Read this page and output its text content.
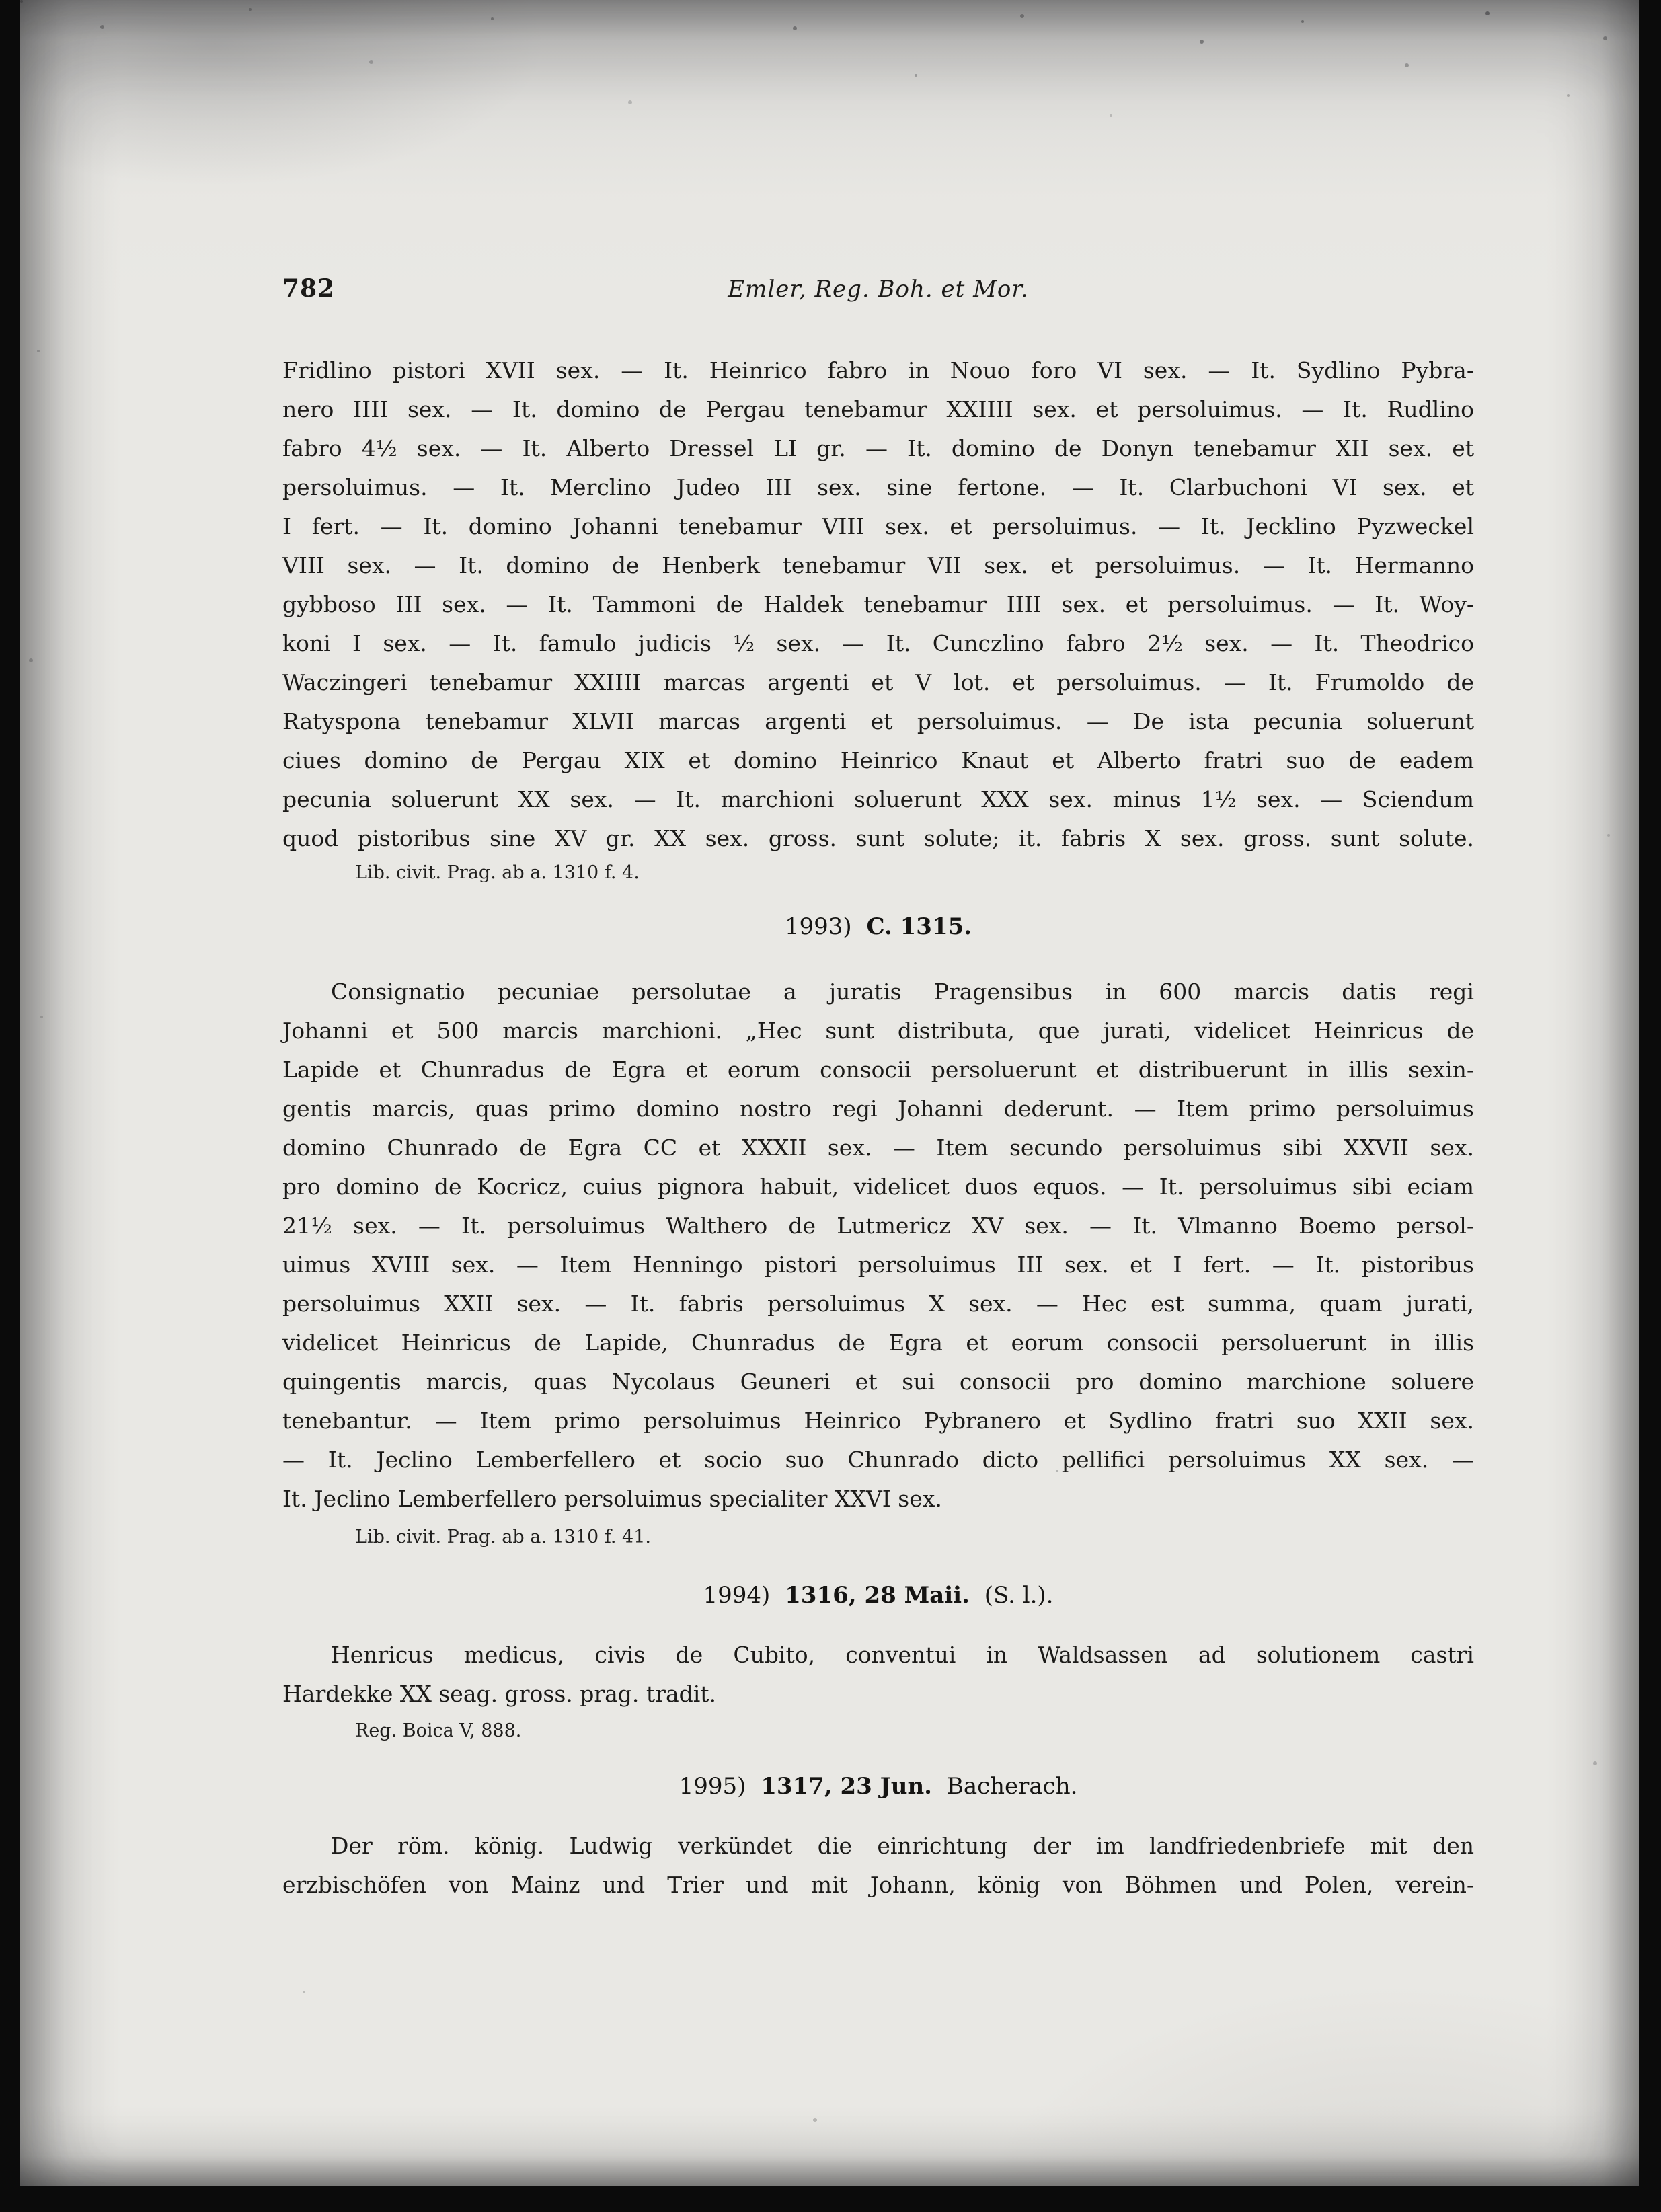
782	Emler, Reg. Boh. et Mor.
Fridlino pistori XVII sex. — It. Heinrico fabro in Nouo foro VI sex. — It. Sydlino Pybra-
nero IIII sex. — It. domino de Pergau tenebamur XXIIII sex. et persoluimus. — It. Rudlino
fabro 4½ sex. — It. Alberto Dressel LI gr. — It. domino de Donyn tenebamur XII sex. et
persoluimus. — It. Merclino Judeo III sex. sine fertone. — It. Clarbuchoni VI sex. et
I fert. — It. domino Johanni tenebamur VIII sex. et persoluimus. — It. Jecklino Pyzweckel
VIII sex. — It. domino de Henberk tenebamur VII sex. et persoluimus. — It. Hermanno
gybboso III sex. — It. Tammoni de Haldek tenebamur IIII sex. et persoluimus. — It. Woy-
koni I sex. — It. famulo judicis ½ sex. — It. Cunczlino fabro 2½ sex. — It. Theodrico
Waczingeri tenebamur XXIIII marcas argenti et V lot. et persoluimus. — It. Frumoldo de
Ratyspona tenebamur XLVII marcas argenti et persoluimus. — De ista pecunia soluerunt
ciues domino de Pergau XIX et domino Heinrico Knaut et Alberto fratri suo de eadem
pecunia soluerunt XX sex. — It. marchioni soluerunt XXX sex. minus 1½ sex. — Sciendum
quod pistoribus sine XV gr. XX sex. gross. sunt solute; it. fabris X sex. gross. sunt solute.
Lib. civit. Prag. ab a. 1310 f. 4.
1993) C. 1315.
Consignatio pecuniae persolutae a juratis Pragensibus in 600 marcis datis regi
Johanni et 500 marcis marchioni. „Hec sunt distributa, que jurati, videlicet Heinricus de
Lapide et Chunradus de Egra et eorum consocii persoluerunt et distribuerunt in illis sexin-
gentis marcis, quas primo domino nostro regi Johanni dederunt. — Item primo persoluimus
domino Chunrado de Egra CC et XXXII sex. — Item secundo persoluimus sibi XXVII sex.
pro domino de Kocricz, cuius pignora habuit, videlicet duos equos. — It. persoluimus sibi eciam
21½ sex. — It. persoluimus Walthero de Lutmericz XV sex. — It. Vlmanno Boemo persol-
uimus XVIII sex. — Item Henningo pistori persoluimus III sex. et I fert. — It. pistoribus
persoluimus XXII sex. — It. fabris persoluimus X sex. — Hec est summa, quam jurati,
videlicet Heinricus de Lapide, Chunradus de Egra et eorum consocii persoluerunt in illis
quingentis marcis, quas Nycolaus Geuneri et sui consocii pro domino marchione soluere
tenebantur. — Item primo persoluimus Heinrico Pybranero et Sydlino fratri suo XXII sex.
— It. Jeclino Lemberfellero et socio suo Chunrado dicto pellifici persoluimus XX sex. —
It. Jeclino Lemberfellero persoluimus specialiter XXVI sex.
Lib. civit. Prag. ab a. 1310 f. 41.
1994) 1316, 28 Maii. (S. l.).
Henricus medicus, civis de Cubito, conventui in Waldsassen ad solutionem castri
Hardekke XX seag. gross. prag. tradit.
Reg. Boica V, 888.
1995) 1317, 23 Jun. Bacherach.
Der röm. könig. Ludwig verkündet die einrichtung der im landfriedenbriefe mit den
erzbischöfen von Mainz und Trier und mit Johann, könig von Böhmen und Polen, verein-
